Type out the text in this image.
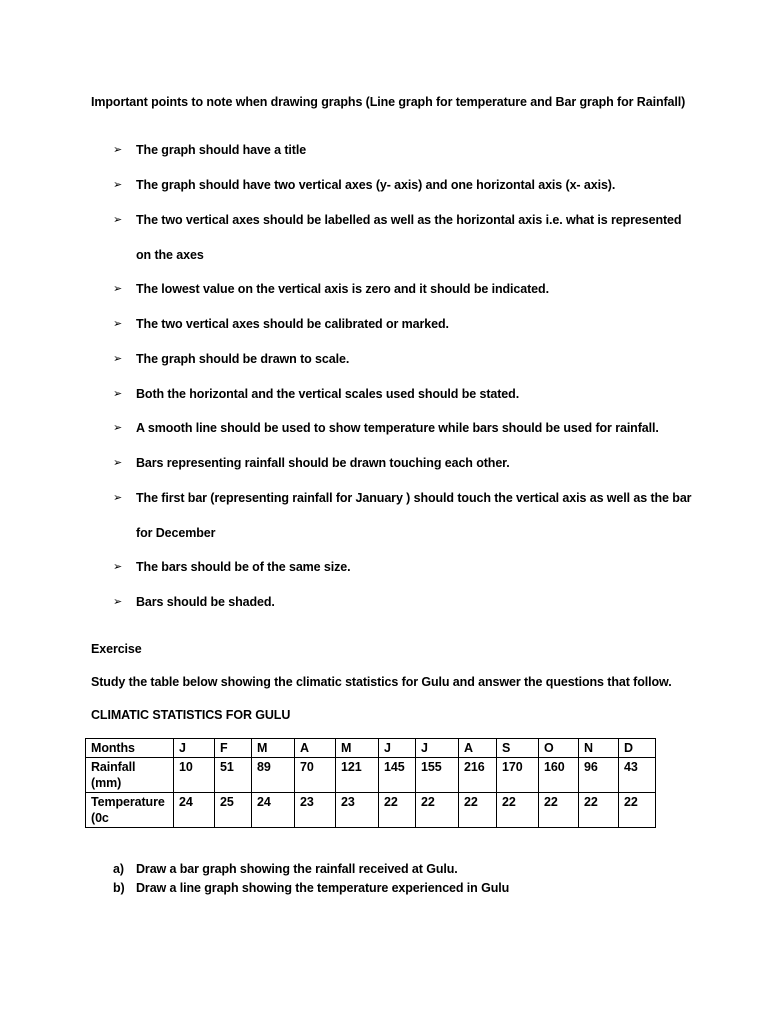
Important points to note when drawing graphs (Line graph for temperature and Bar graph for Rainfall)
➢ The graph should have a title
➢ The graph should have two vertical axes (y- axis) and one horizontal axis (x- axis).
➢ The two vertical axes should be labelled as well as the horizontal axis i.e. what is represented on the axes
➢ The lowest value on the vertical axis is zero and it should be indicated.
➢ The two vertical axes should be calibrated or marked.
➢ The graph should be drawn to scale.
➢ Both the horizontal and the vertical scales used should be stated.
➢ A smooth line should be used to show temperature while bars should be used for rainfall.
➢ Bars representing rainfall should be drawn touching each other.
➢ The first bar (representing rainfall for January ) should touch the vertical axis as well as the bar for December
➢ The bars should be of the same size.
➢ Bars should be shaded.
Exercise
Study the table below showing the climatic statistics for Gulu and answer the questions that follow.
CLIMATIC STATISTICS FOR GULU
Months	J	F	M	A	M	J	J	A	S	O	N	D
Rainfall
(mm)	10	51	89	70	121	145	155	216	170	160	96	43
Temperature
(0c	24	25	24	23	23	22	22	22	22	22	22	22
a) Draw a bar graph showing the rainfall received at Gulu.
b) Draw a line graph showing the temperature experienced in Gulu
